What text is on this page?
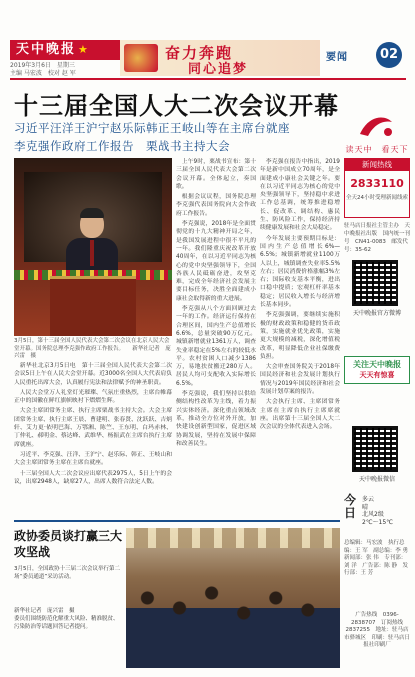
天中晚报 ★
2019年3月6日　星期三
主编 马宏波　校对 赵 军
奋力奔跑
同心追梦
要闻	02
十三届全国人大二次会议开幕
习近平汪洋王沪宁赵乐际韩正王岐山等在主席台就座
李克强作政府工作报告　栗战书主持大会
3月5日，第十三届全国人民代表大会第二次会议在北京人民大会堂开幕。国务院总理李克强作政府工作报告。　　新华社记者　庞兴雷　摄

新华社北京3月5日电　第十三届全国人民代表大会第二次会议5日上午在人民大会堂开幕。近3000名全国人大代表肩负人民重托出席大会，认真履行宪法和法律赋予的神圣职责。

人民大会堂万人礼堂灯光璀璨、气氛庄重热烈，主席台帷幕正中的国徽在鲜红旗帜映衬下熠熠生辉。

大会主席团常务主席、执行主席栗战书主持大会。大会主席团常务主席、执行主席王晨、曹建明、张春贤、沈跃跃、吉炳轩、艾力更·依明巴海、万鄂湘、陈竺、王东明、白玛赤林、丁仲礼、郝明金、蔡达峰、武维华、杨振武在主席台执行主席席就座。

习近平、李克强、汪洋、王沪宁、赵乐际、韩正、王岐山和大会主席团常务主席在主席台就座。

十三届全国人大二次会议应出席代表2975人，5日上午的会议，出席2948人，缺席27人，出席人数符合法定人数。

上午9时，栗战书宣布：第十三届全国人民代表大会第二次会议开幕。全体起立，奏国歌。

根据会议议程，国务院总理李克强代表国务院向大会作政府工作报告。

李克强说，2018年是全面贯彻党的十九大精神开局之年，是我国发展进程中很不平凡的一年。我们隆重庆祝改革开放40周年，在以习近平同志为核心的党中央坚强领导下，全国各族人民砥砺奋进，攻坚克难，完成全年经济社会发展主要目标任务，决胜全面建成小康社会取得新的重大进展。

李克强从八个方面回顾过去一年的工作。经济运行保持在合理区间，国内生产总值增长6.6%，总量突破90万亿元。城镇新增就业1361万人，调查失业率稳定在5%左右的较低水平。农村贫困人口减少1386万，易地扶贫搬迁280万人。居民人均可支配收入实际增长6.5%。

李克强说，我们坚持以供给侧结构性改革为主线，着力振兴实体经济。深化重点领域改革，推动全方位对外开放，加快建设创新型国家，促进区域协调发展，坚持在发展中保障和改善民生。

李克强在报告中指出，2019年是新中国成立70周年，是全面建成小康社会关键之年。要在以习近平同志为核心的党中央坚强领导下，坚持稳中求进工作总基调，统筹推进稳增长、促改革、调结构、惠民生、防风险工作，保持经济持续健康发展和社会大局稳定。

今年发展主要预期目标是：国内生产总值增长6%—6.5%；城镇新增就业1100万人以上，城镇调查失业率5.5%左右；居民消费价格涨幅3%左右；国际收支基本平衡，进出口稳中提质；宏观杠杆率基本稳定；居民收入增长与经济增长基本同步。

李克强强调，要继续实施积极的财政政策和稳健的货币政策，实施就业优先政策，实施更大规模的减税，深化增值税改革，明显降低企业社保缴费负担。

大会审查国务院关于2018年国民经济和社会发展计划执行情况与2019年国民经济和社会发展计划草案的报告。

大会执行主席、主席团常务主席在主席台执行主席席就座。出席第十三届全国人大二次会议的全体代表进入会场。

政协委员谈打赢三大攻坚战
3月5日，全国政协十三届二次会议举行第二场“委员通道”采访活动。
新华社记者　庞兴雷　摄
委员们围绕防范化解重大风险、精准脱贫、污染防治等话题回答记者提问。
读天中　看天下
新闻热线
2833110
全天24小时受理新闻线索
驻马店日报社主管主办　天中晚报社出版　国内统一刊号　CN41-0083　邮发代号：35-62
天中晚报官方微博
关注天中晚报
天天有惊喜
天中晚报微信
今日
多云
晴
北风2级
2℃～15℃
总编辑：马宏波　执行总编：王 军　副总编：李 勇　新闻部：张 伟　专刊部：刘 洋　广告部：陈 静　发行部：王 芳
广告热线　0396-2838707　订阅热线　2837255　地址：驻马店市驿城区　印刷：驻马店日报社印刷厂
